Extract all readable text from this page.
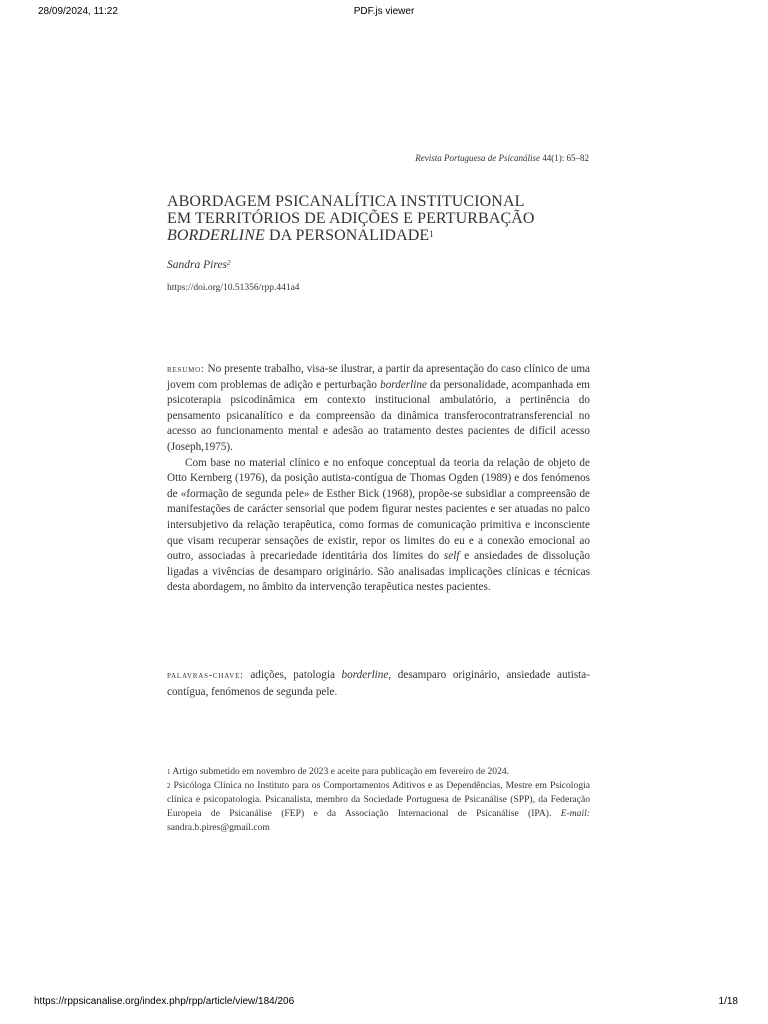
28/09/2024, 11:22	PDF.js viewer
Revista Portuguesa de Psicanálise 44(1): 65–82
ABORDAGEM PSICANALÍTICA INSTITUCIONAL
EM TERRITÓRIOS DE ADIÇÕES E PERTURBAÇÃO
BORDERLINE DA PERSONALIDADE$^1$
Sandra Pires$^2$
https://doi.org/10.51356/rpp.441a4

resumo: No presente trabalho, visa-se ilustrar, a partir da apresentação do caso clínico de uma jovem com problemas de adição e perturbação borderline da personalidade, acompanhada em psicoterapia psicodinâmica em contexto institucional ambulatório, a pertinência do pensamento psicanalítico e da compreensão da dinâmica transferocontratransferencial no acesso ao funcionamento mental e adesão ao tratamento destes pacientes de difícil acesso (Joseph,1975).

Com base no material clínico e no enfoque conceptual da teoria da relação de objeto de Otto Kernberg (1976), da posição autista-contígua de Thomas Ogden (1989) e dos fenómenos de «formação de segunda pele» de Esther Bick (1968), propõe-se subsidiar a compreensão de manifestações de carácter sensorial que podem figurar nestes pacientes e ser atuadas no palco intersubjetivo da relação terapêutica, como formas de comunicação primitiva e inconsciente que visam recuperar sensações de existir, repor os limites do eu e a conexão emocional ao outro, associadas à precariedade identitária dos limites do self e ansiedades de dissolução ligadas a vivências de desamparo originário. São analisadas implicações clínicas e técnicas desta abordagem, no âmbito da intervenção terapêutica nestes pacientes.

palavras-chave: adições, patologia borderline, desamparo originário, ansiedade autista-contígua, fenómenos de segunda pele.

$^1$ Artigo submetido em novembro de 2023 e aceite para publicação em fevereiro de 2024.

$^2$ Psicóloga Clínica no Instituto para os Comportamentos Aditivos e as Dependências, Mestre em Psicologia clínica e psicopatologia. Psicanalista, membro da Sociedade Portuguesa de Psicanálise (SPP), da Federação Europeia de Psicanálise (FEP) e da Associação Internacional de Psicanálise (IPA). E-mail: sandra.b.pires@gmail.com

https://rppsicanalise.org/index.php/rpp/article/view/184/206	1/18
